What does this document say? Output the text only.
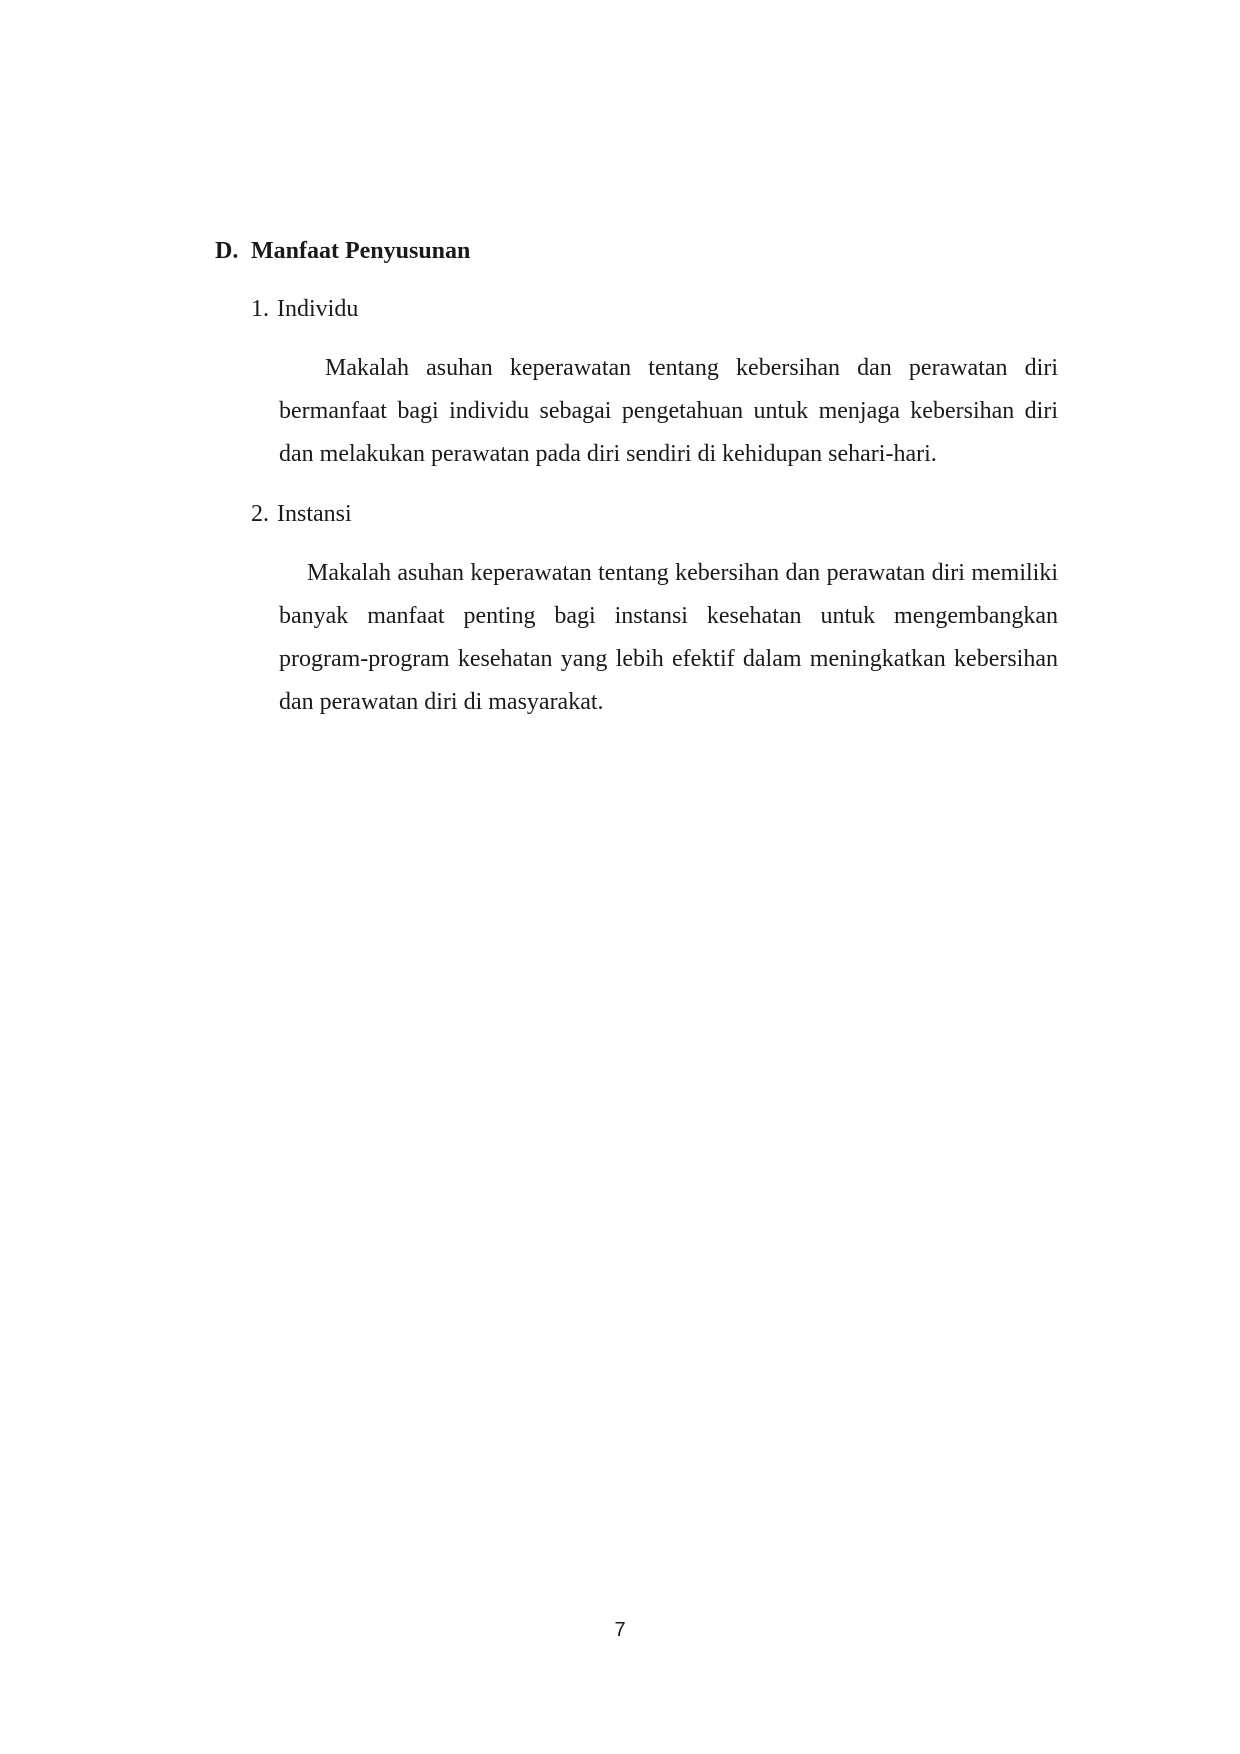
D. Manfaat Penyusunan
1. Individu

Makalah asuhan keperawatan tentang kebersihan dan perawatan diri bermanfaat bagi individu sebagai pengetahuan untuk menjaga kebersihan diri dan melakukan perawatan pada diri sendiri di kehidupan sehari-hari.

2. Instansi

Makalah asuhan keperawatan tentang kebersihan dan perawatan diri memiliki banyak manfaat penting bagi instansi kesehatan untuk mengembangkan program-program kesehatan yang lebih efektif dalam meningkatkan kebersihan dan perawatan diri di masyarakat.

7
